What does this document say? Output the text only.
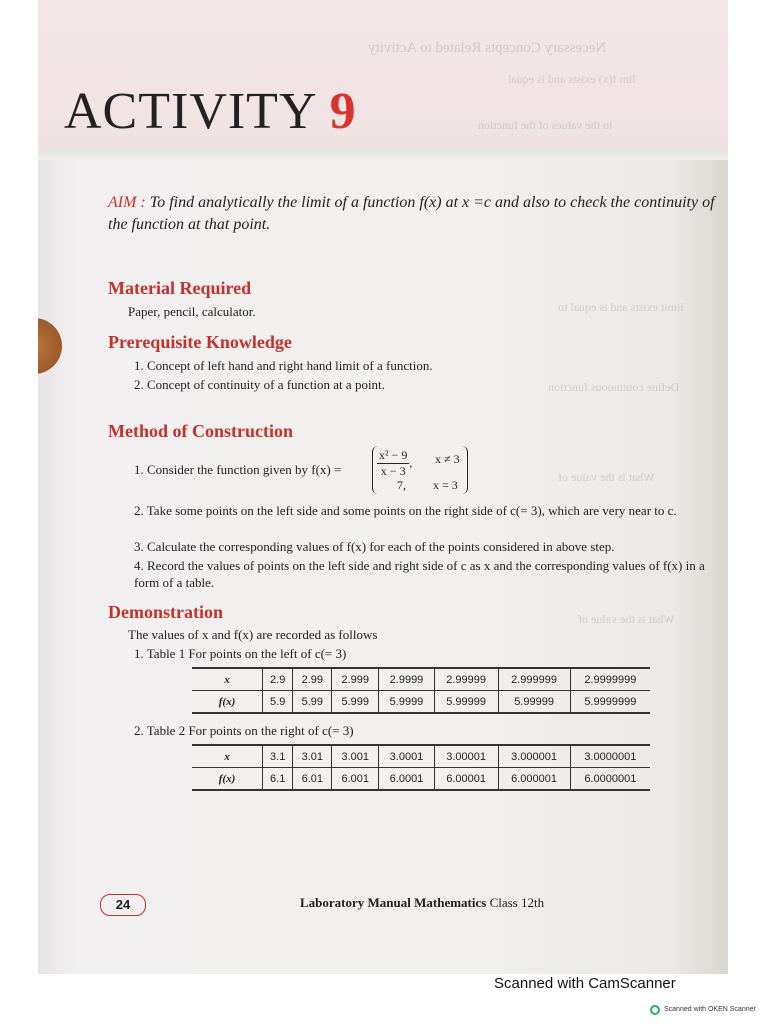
Necessary Concepts Related to Activity
lim f(x) exists and is equal
to the values of the function
limit exists and is equal to
Define continuous function
What is the value of
What is the value of
ACTIVITY 9
AIM : To find analytically the limit of a function f(x) at x =c and also to check the continuity of the function at that point.
Material Required
Paper, pencil, calculator.
Prerequisite Knowledge
1. Concept of left hand and right hand limit of a function.
2. Concept of continuity of a function at a point.
Method of Construction
1. Consider the function given by f(x) =	$\frac{\text{x² − 9}}{x - 3}$ , x ≠ 3
7, x = 3
2. Take some points on the left side and some points on the right side of c(= 3), which are very near to c.
3. Calculate the corresponding values of f(x) for each of the points considered in above step.
4. Record the values of points on the left side and right side of c as x and the corresponding values of f(x) in a form of a table.
Demonstration
The values of x and f(x) are recorded as follows
1. Table 1 For points on the left of c(= 3)
x	2.9	2.99	2.999	2.9999	2.99999	2.999999	2.9999999
f(x)	5.9	5.99	5.999	5.9999	5.99999	5.99999	5.9999999
2. Table 2 For points on the right of c(= 3)
x	3.1	3.01	3.001	3.0001	3.00001	3.000001	3.0000001
f(x)	6.1	6.01	6.001	6.0001	6.00001	6.000001	6.0000001
24	Laboratory Manual Mathematics Class 12th
Scanned with CamScanner
Scanned with OKEN Scanner
